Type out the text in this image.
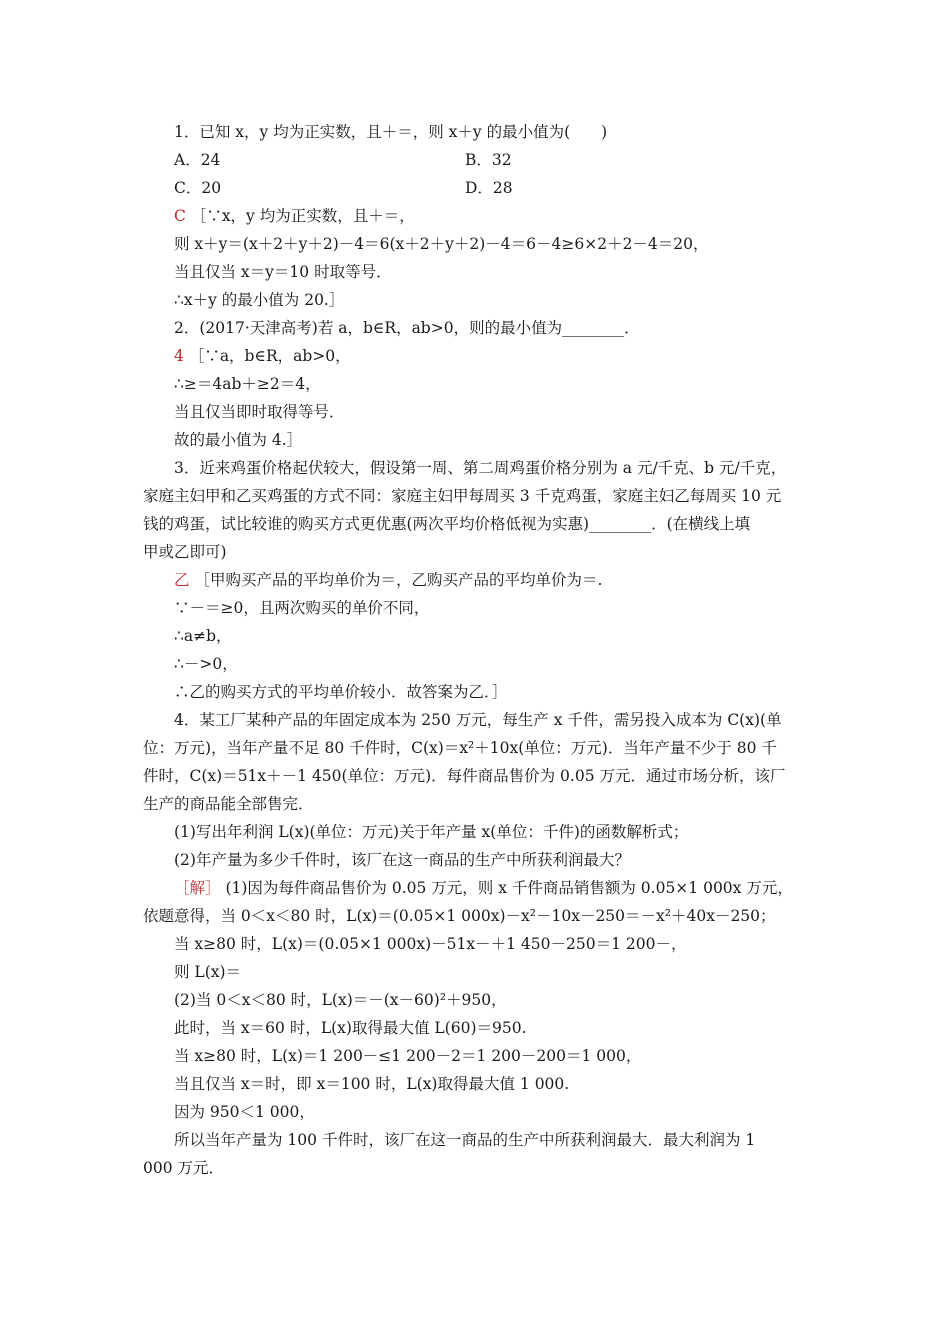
1．已知 x，y 均为正实数，且＋＝，则 x＋y 的最小值为(　　)
A．24	B．32
C．20	D．28
C ［∵x，y 均为正实数，且＋＝，
则 x＋y＝(x＋2＋y＋2)－4＝6(x＋2＋y＋2)－4＝6－4≥6×2＋2－4＝20，
当且仅当 x＝y＝10 时取等号．
∴x＋y 的最小值为 20.］
2．(2017·天津高考)若 a，b∈R，ab>0，则的最小值为________．
4 ［∵a，b∈R，ab>0，
∴≥＝4ab＋≥2＝4，
当且仅当即时取得等号．
故的最小值为 4.］
3．近来鸡蛋价格起伏较大，假设第一周、第二周鸡蛋价格分别为 a 元/千克、b 元/千克，
家庭主妇甲和乙买鸡蛋的方式不同：家庭主妇甲每周买 3 千克鸡蛋，家庭主妇乙每周买 10 元
钱的鸡蛋，试比较谁的购买方式更优惠(两次平均价格低视为实惠)________．(在横线上填
甲或乙即可)
乙 ［甲购买产品的平均单价为＝，乙购买产品的平均单价为＝.
∵－＝≥0，且两次购买的单价不同，
∴a≠b，
∴－>0，
∴乙的购买方式的平均单价较小．故答案为乙．］
4．某工厂某种产品的年固定成本为 250 万元，每生产 x 千件，需另投入成本为 C(x)(单
位：万元)，当年产量不足 80 千件时，C(x)＝x²＋10x(单位：万元)．当年产量不少于 80 千
件时，C(x)＝51x＋－1 450(单位：万元)．每件商品售价为 0.05 万元．通过市场分析，该厂
生产的商品能全部售完．
(1)写出年利润 L(x)(单位：万元)关于年产量 x(单位：千件)的函数解析式；
(2)年产量为多少千件时，该厂在这一商品的生产中所获利润最大？
［解］ (1)因为每件商品售价为 0.05 万元，则 x 千件商品销售额为 0.05×1 000x 万元，
依题意得，当 0＜x＜80 时，L(x)＝(0.05×1 000x)－x²－10x－250＝－x²＋40x－250；
当 x≥80 时，L(x)＝(0.05×1 000x)－51x－＋1 450－250＝1 200－，
则 L(x)＝
(2)当 0＜x＜80 时，L(x)＝－(x－60)²＋950，
此时，当 x＝60 时，L(x)取得最大值 L(60)＝950.
当 x≥80 时，L(x)＝1 200－≤1 200－2＝1 200－200＝1 000，
当且仅当 x＝时，即 x＝100 时，L(x)取得最大值 1 000.
因为 950＜1 000，
所以当年产量为 100 千件时，该厂在这一商品的生产中所获利润最大．最大利润为 1
000 万元．
